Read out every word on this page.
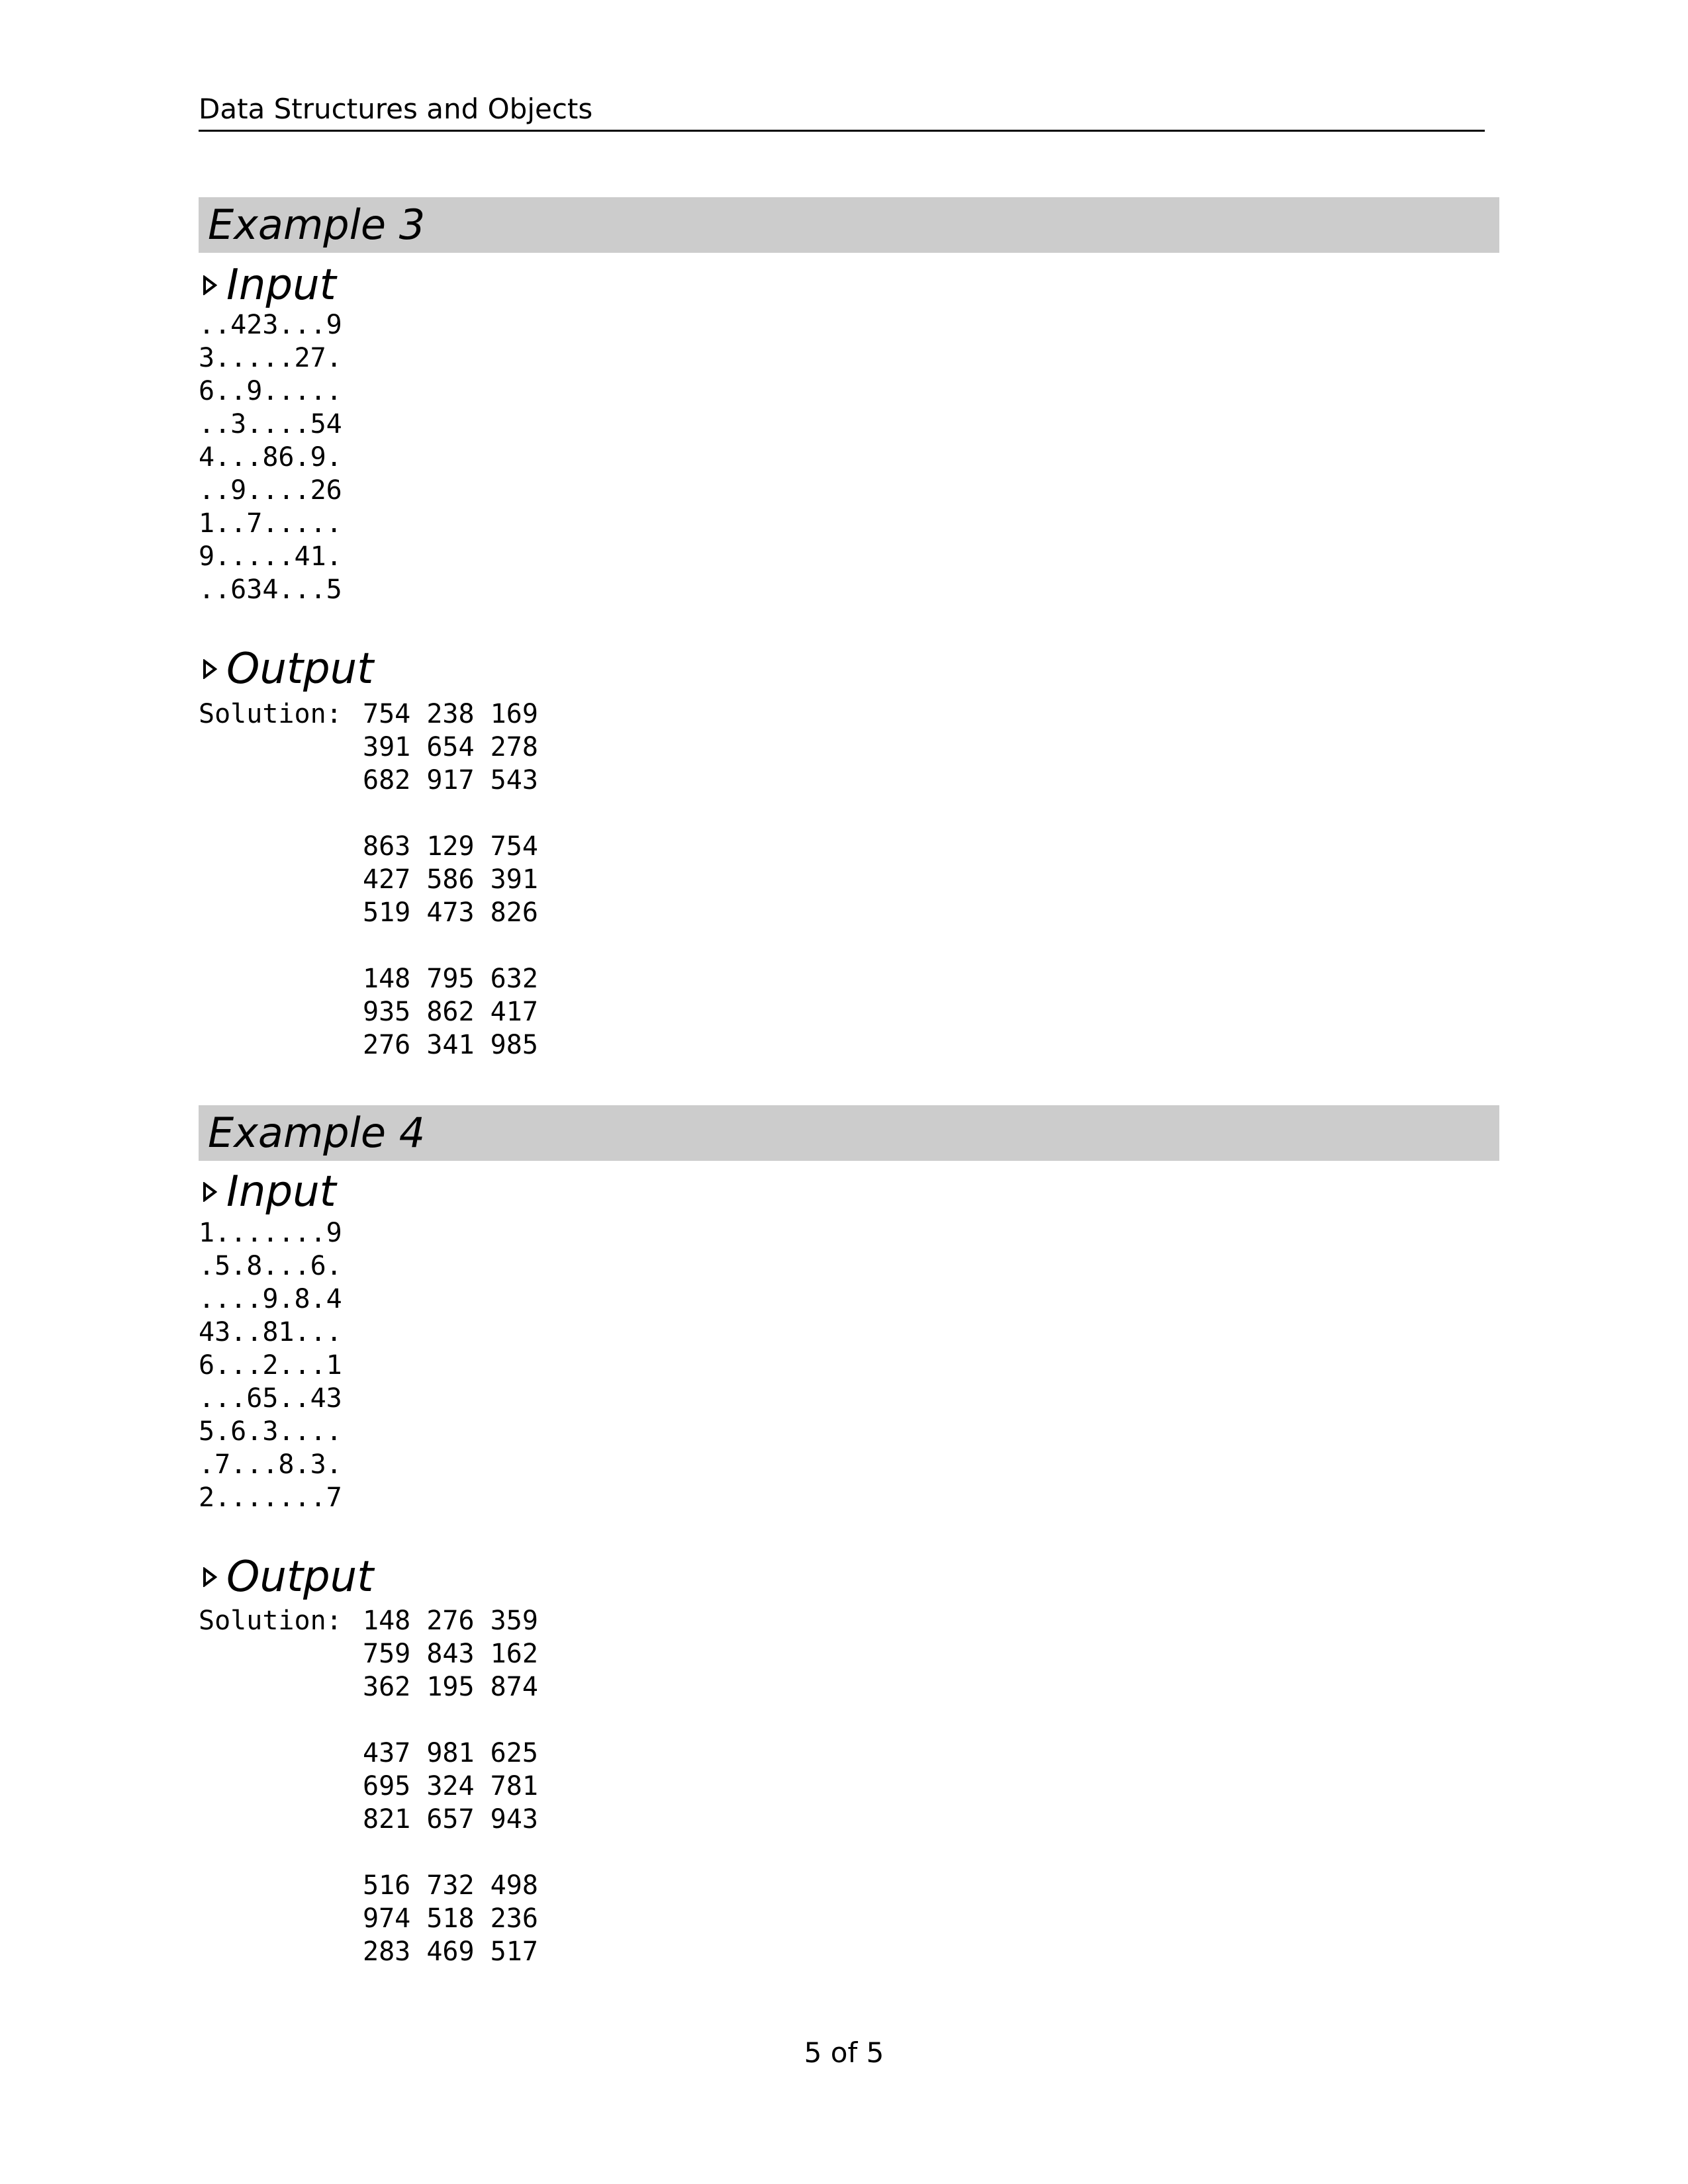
Data Structures and Objects
Example 3
Input
..423...9
3.....27.
6..9.....
..3....54
4...86.9.
..9....26
1..7.....
9.....41.
..634...5
Output
Solution: 754 238 169
391 654 278
682 917 543
863 129 754
427 586 391
519 473 826
148 795 632
935 862 417
276 341 985
Example 4
Input
1.......9
.5.8...6.
....9.8.4
43..81...
6...2...1
...65..43
5.6.3....
.7...8.3.
2.......7
Output
Solution: 148 276 359
759 843 162
362 195 874
437 981 625
695 324 781
821 657 943
516 732 498
974 518 236
283 469 517
5 of 5
